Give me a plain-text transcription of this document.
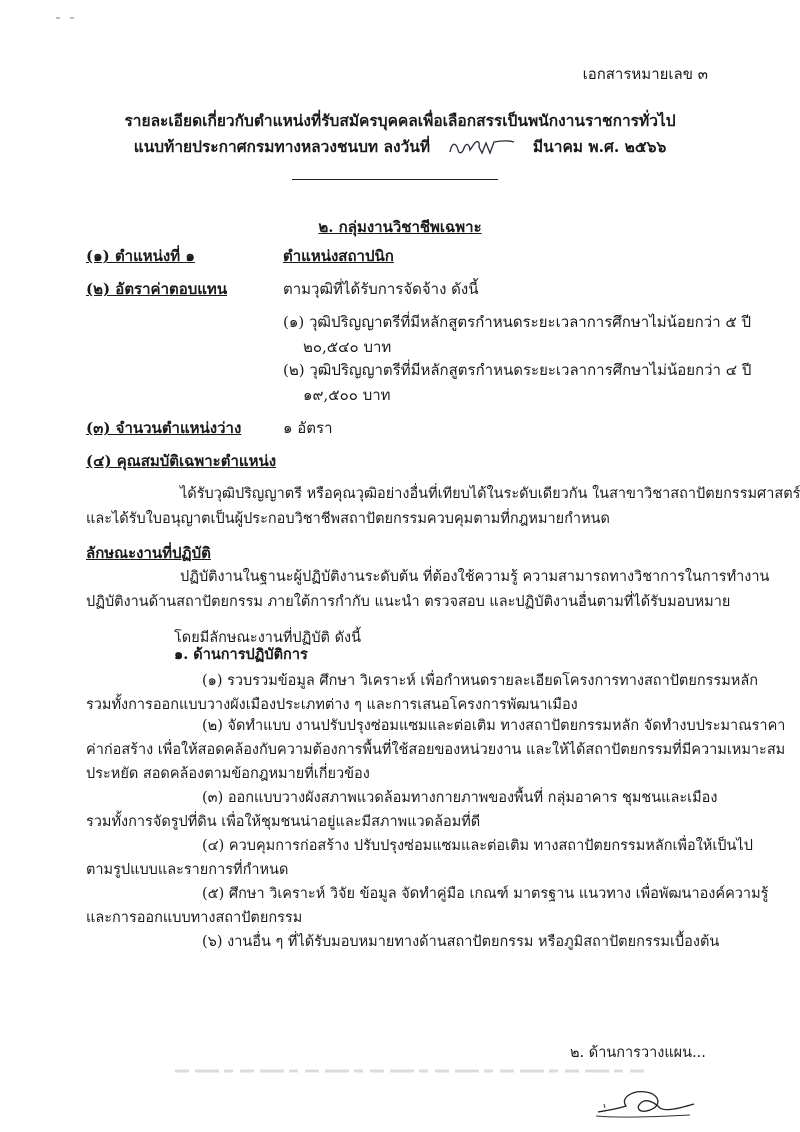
เอกสารหมายเลข ๓
รายละเอียดเกี่ยวกับตำแหน่งที่รับสมัครบุคคลเพื่อเลือกสรรเป็นพนักงานราชการทั่วไป
แนบท้ายประกาศกรมทางหลวงชนบท ลงวันที่	มีนาคม พ.ศ. ๒๕๖๖
๒. กลุ่มงานวิชาชีพเฉพาะ
(๑) ตำแหน่งที่ ๑	ตำแหน่งสถาปนิก
(๒) อัตราค่าตอบแทน	ตามวุฒิที่ได้รับการจัดจ้าง ดังนี้
(๑) วุฒิปริญญาตรีที่มีหลักสูตรกำหนดระยะเวลาการศึกษาไม่น้อยกว่า ๕ ปี
๒๐,๕๔๐ บาท
(๒) วุฒิปริญญาตรีที่มีหลักสูตรกำหนดระยะเวลาการศึกษาไม่น้อยกว่า ๔ ปี
๑๙,๕๐๐ บาท
(๓) จำนวนตำแหน่งว่าง	๑ อัตรา
(๔) คุณสมบัติเฉพาะตำแหน่ง
ได้รับวุฒิปริญญาตรี หรือคุณวุฒิอย่างอื่นที่เทียบได้ในระดับเดียวกัน ในสาขาวิชาสถาปัตยกรรมศาสตร์
และได้รับใบอนุญาตเป็นผู้ประกอบวิชาชีพสถาปัตยกรรมควบคุมตามที่กฎหมายกำหนด
ลักษณะงานที่ปฏิบัติ
ปฏิบัติงานในฐานะผู้ปฏิบัติงานระดับต้น ที่ต้องใช้ความรู้ ความสามารถทางวิชาการในการทำงาน
ปฏิบัติงานด้านสถาปัตยกรรม ภายใต้การกำกับ แนะนำ ตรวจสอบ และปฏิบัติงานอื่นตามที่ได้รับมอบหมาย
โดยมีลักษณะงานที่ปฏิบัติ ดังนี้
๑. ด้านการปฏิบัติการ
(๑) รวบรวมข้อมูล ศึกษา วิเคราะห์ เพื่อกำหนดรายละเอียดโครงการทางสถาปัตยกรรมหลัก
รวมทั้งการออกแบบวางผังเมืองประเภทต่าง ๆ และการเสนอโครงการพัฒนาเมือง
(๒) จัดทำแบบ งานปรับปรุงซ่อมแซมและต่อเติม ทางสถาปัตยกรรมหลัก จัดทำงบประมาณราคา
ค่าก่อสร้าง เพื่อให้สอดคล้องกับความต้องการพื้นที่ใช้สอยของหน่วยงาน และให้ได้สถาปัตยกรรมที่มีความเหมาะสม
ประหยัด สอดคล้องตามข้อกฎหมายที่เกี่ยวข้อง
(๓) ออกแบบวางผังสภาพแวดล้อมทางกายภาพของพื้นที่ กลุ่มอาคาร ชุมชนและเมือง
รวมทั้งการจัดรูปที่ดิน เพื่อให้ชุมชนน่าอยู่และมีสภาพแวดล้อมที่ดี
(๔) ควบคุมการก่อสร้าง ปรับปรุงซ่อมแซมและต่อเติม ทางสถาปัตยกรรมหลักเพื่อให้เป็นไป
ตามรูปแบบและรายการที่กำหนด
(๕) ศึกษา วิเคราะห์ วิจัย ข้อมูล จัดทำคู่มือ เกณฑ์ มาตรฐาน แนวทาง เพื่อพัฒนาองค์ความรู้
และการออกแบบทางสถาปัตยกรรม
(๖) งานอื่น ๆ ที่ได้รับมอบหมายทางด้านสถาปัตยกรรม หรือภูมิสถาปัตยกรรมเบื้องต้น
๒. ด้านการวางแผน...
